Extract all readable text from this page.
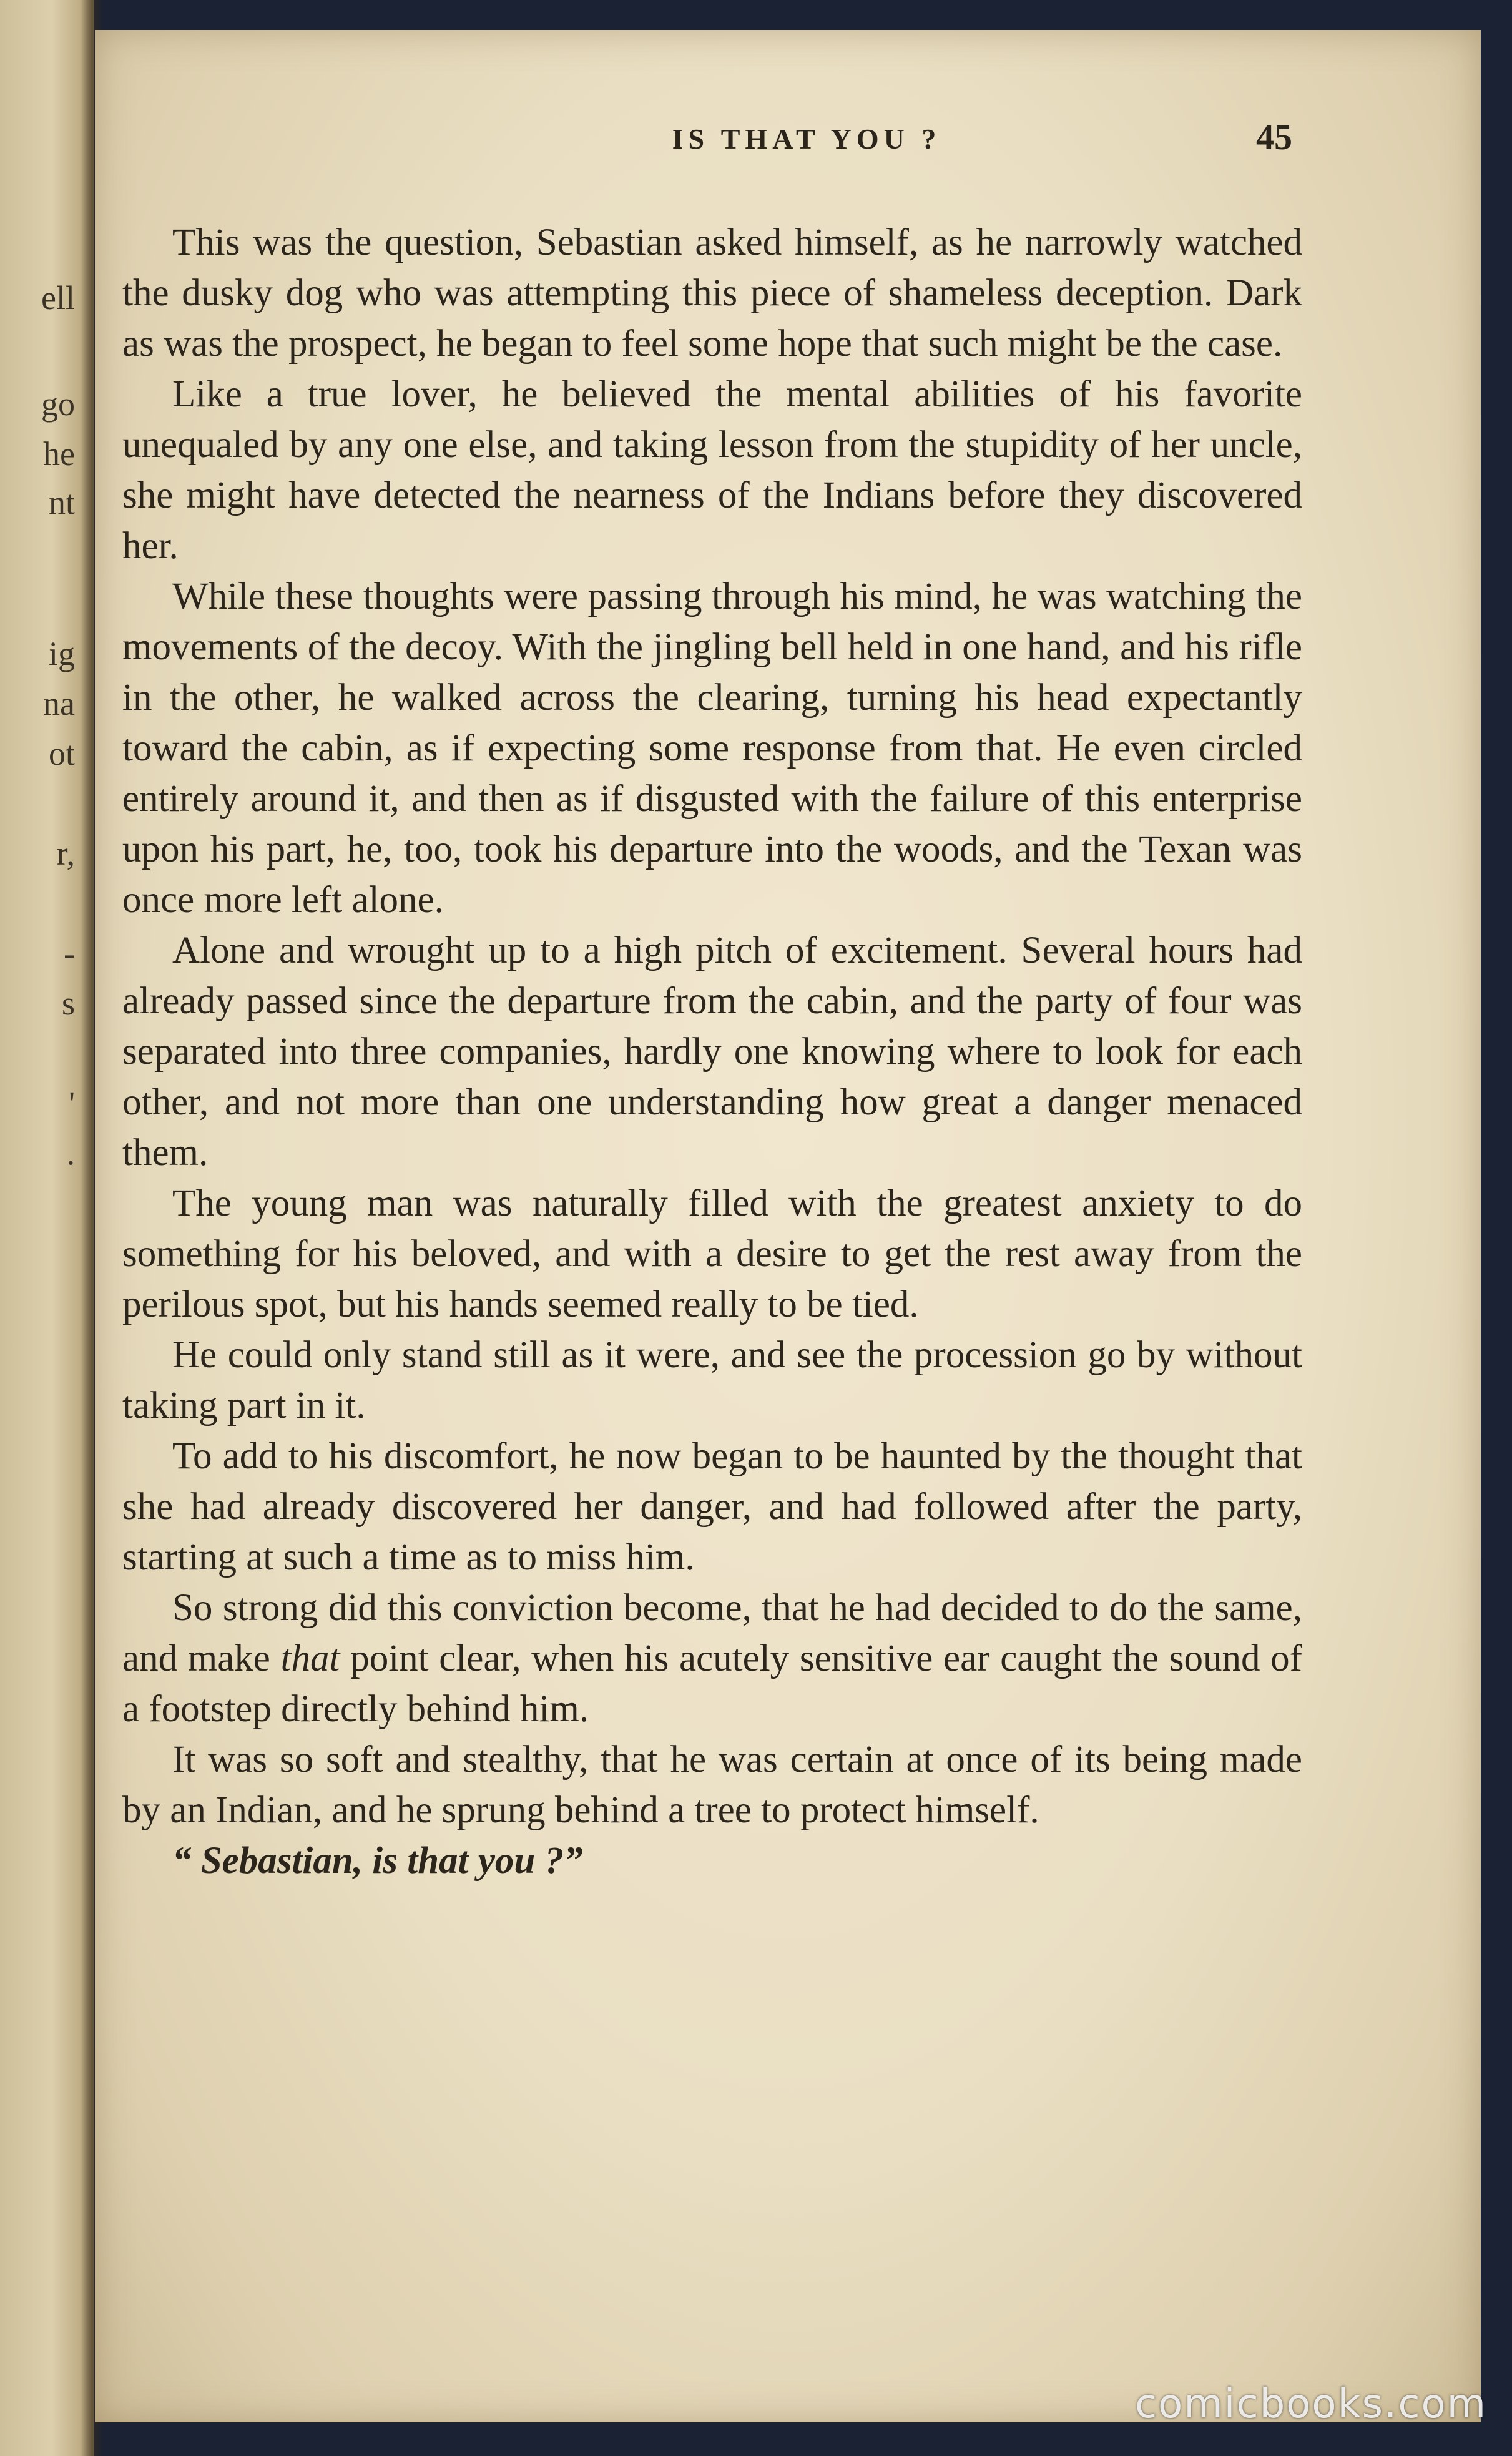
ell
go
he
nt
ig
na
ot
r,
-
s
'
.
IS THAT YOU ?	45

This was the question, Sebastian asked himself, as he narrowly watched the dusky dog who was attempting this piece of shameless deception. Dark as was the prospect, he began to feel some hope that such might be the case.

Like a true lover, he believed the mental abilities of his favorite unequaled by any one else, and taking lesson from the stupidity of her uncle, she might have detected the nearness of the Indians before they discovered her.

While these thoughts were passing through his mind, he was watching the movements of the decoy. With the jingling bell held in one hand, and his rifle in the other, he walked across the clearing, turning his head expectantly toward the cabin, as if expecting some response from that. He even circled entirely around it, and then as if disgusted with the failure of this enterprise upon his part, he, too, took his departure into the woods, and the Texan was once more left alone.

Alone and wrought up to a high pitch of excitement. Several hours had already passed since the departure from the cabin, and the party of four was separated into three companies, hardly one knowing where to look for each other, and not more than one understanding how great a danger menaced them.

The young man was naturally filled with the greatest anxiety to do something for his beloved, and with a desire to get the rest away from the perilous spot, but his hands seemed really to be tied.

He could only stand still as it were, and see the procession go by without taking part in it.

To add to his discomfort, he now began to be haunted by the thought that she had already discovered her danger, and had followed after the party, starting at such a time as to miss him.

So strong did this conviction become, that he had decided to do the same, and make that point clear, when his acutely sensitive ear caught the sound of a footstep directly behind him.

It was so soft and stealthy, that he was certain at once of its being made by an Indian, and he sprung behind a tree to protect himself.

“ Sebastian, is that you ?”

comicbooks.com
